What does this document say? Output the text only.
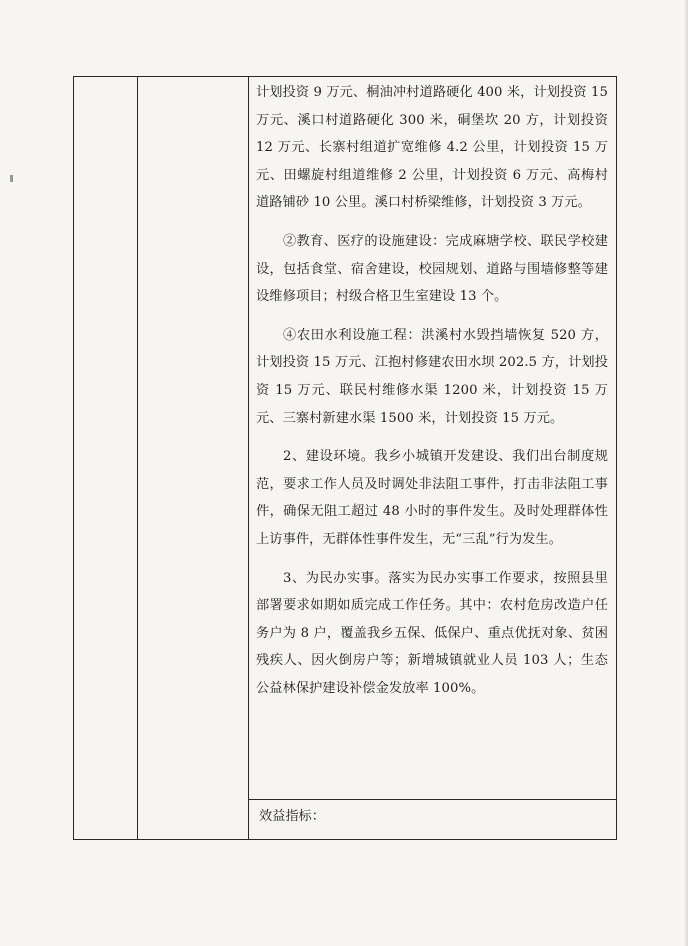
计划投资 9 万元、桐油冲村道路硬化 400 米，计划投资 15 万元、溪口村道路硬化 300 米，硐堡坎 20 方，计划投资 12 万元、长寨村组道扩宽维修 4.2 公里，计划投资 15 万元、田螺旋村组道维修 2 公里，计划投资 6 万元、高梅村道路铺砂 10 公里。溪口村桥梁维修，计划投资 3 万元。

②教育、医疗的设施建设：完成麻塘学校、联民学校建设，包括食堂、宿舍建设，校园规划、道路与围墙修整等建设维修项目；村级合格卫生室建设 13 个。

④农田水利设施工程：洪溪村水毁挡墙恢复 520 方，计划投资 15 万元、江抱村修建农田水坝 202.5 方，计划投资 15 万元、联民村维修水渠 1200 米，计划投资 15 万元、三寨村新建水渠 1500 米，计划投资 15 万元。

2、建设环境。我乡小城镇开发建设、我们出台制度规范，要求工作人员及时调处非法阻工事件，打击非法阻工事件，确保无阻工超过 48 小时的事件发生。及时处理群体性上访事件，无群体性事件发生，无“三乱”行为发生。

3、为民办实事。落实为民办实事工作要求，按照县里部署要求如期如质完成工作任务。其中：农村危房改造户任务户为 8 户，覆盖我乡五保、低保户、重点优抚对象、贫困残疾人、因火倒房户等；新增城镇就业人员 103 人；生态公益林保护建设补偿金发放率 100%。

效益指标：
